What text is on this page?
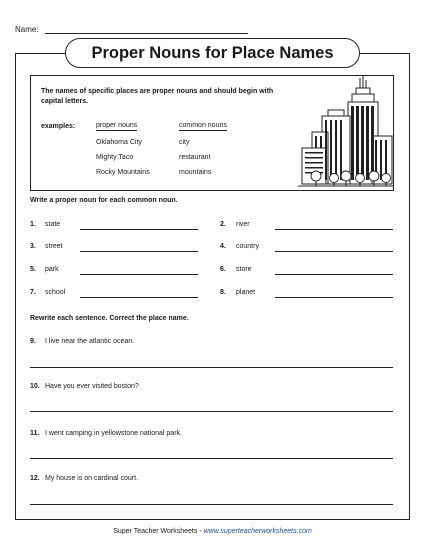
Name:
Proper Nouns for Place Names
The names of specific places are proper nouns and should begin with capital letters.
examples:	proper nouns	common nouns
Oklahoma City	city
Mighty Taco	restaurant
Rocky Mountains	mountains
Write a proper noun for each common noun.
1. state	2. river
3. street	4. country
5. park	6. store
7. school	8. planet
Rewrite each sentence. Correct the place name.
9. I live near the atlantic ocean.
10. Have you ever visited boston?
11. I went camping in yellowstone national park.
12. My house is on cardinal court.
Super Teacher Worksheets - www.superteacherworksheets.com
